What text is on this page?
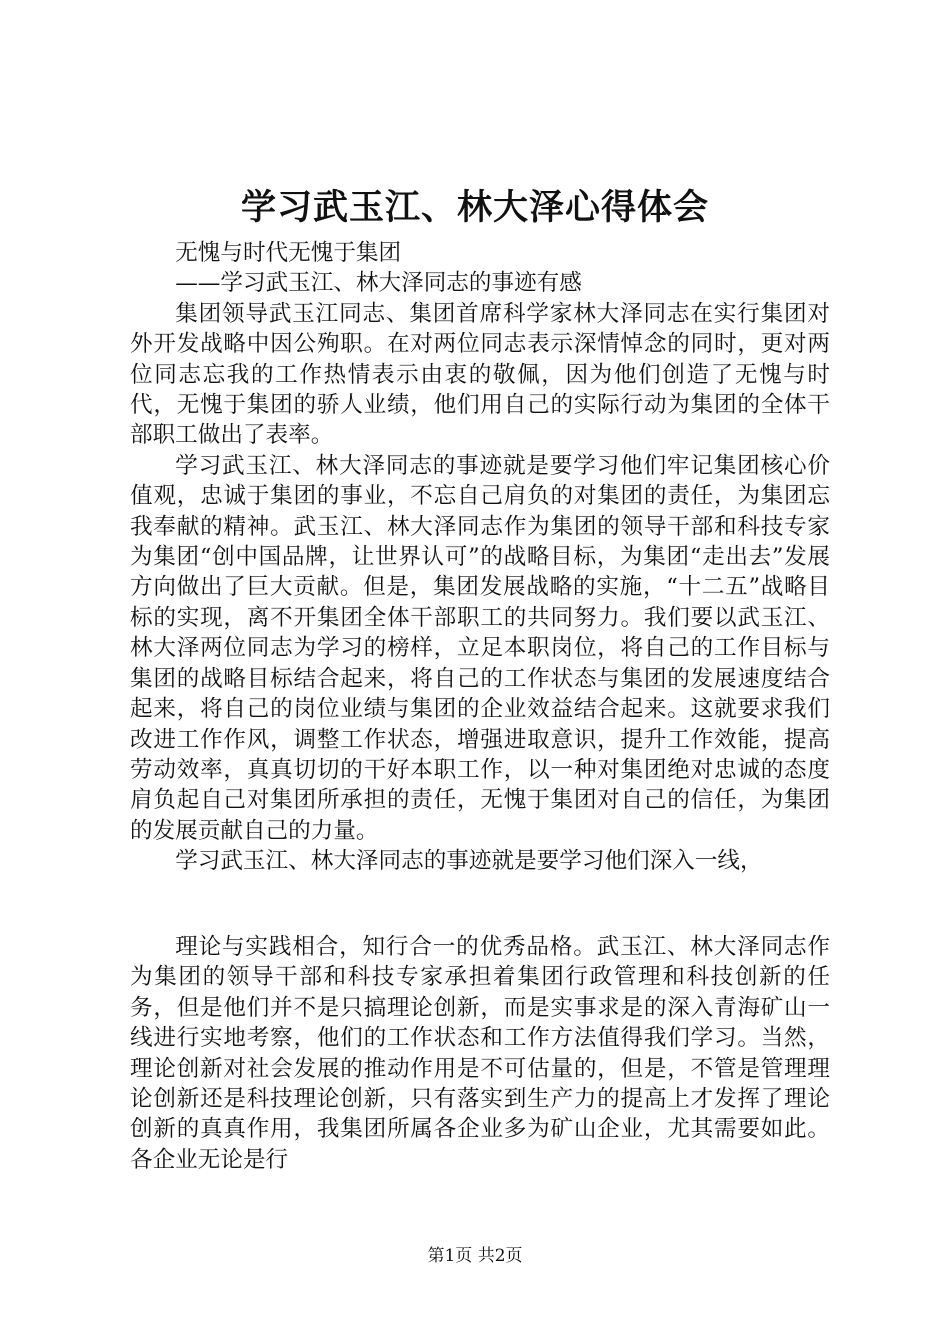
学习武玉江、林大泽心得体会

无愧与时代无愧于集团

——学习武玉江、林大泽同志的事迹有感

集团领导武玉江同志、集团首席科学家林大泽同志在实行集团对外开发战略中因公殉职。在对两位同志表示深情悼念的同时，更对两位同志忘我的工作热情表示由衷的敬佩，因为他们创造了无愧与时代，无愧于集团的骄人业绩，他们用自己的实际行动为集团的全体干部职工做出了表率。

学习武玉江、林大泽同志的事迹就是要学习他们牢记集团核心价值观，忠诚于集团的事业，不忘自己肩负的对集团的责任，为集团忘我奉献的精神。武玉江、林大泽同志作为集团的领导干部和科技专家为集团“创中国品牌，让世界认可”的战略目标，为集团“走出去”发展方向做出了巨大贡献。但是，集团发展战略的实施，“十二五”战略目标的实现，离不开集团全体干部职工的共同努力。我们要以武玉江、林大泽两位同志为学习的榜样，立足本职岗位，将自己的工作目标与集团的战略目标结合起来，将自己的工作状态与集团的发展速度结合起来，将自己的岗位业绩与集团的企业效益结合起来。这就要求我们改进工作作风，调整工作状态，增强进取意识，提升工作效能，提高劳动效率，真真切切的干好本职工作，以一种对集团绝对忠诚的态度肩负起自己对集团所承担的责任，无愧于集团对自己的信任，为集团的发展贡献自己的力量。

学习武玉江、林大泽同志的事迹就是要学习他们深入一线，

理论与实践相合，知行合一的优秀品格。武玉江、林大泽同志作为集团的领导干部和科技专家承担着集团行政管理和科技创新的任务，但是他们并不是只搞理论创新，而是实事求是的深入青海矿山一线进行实地考察，他们的工作状态和工作方法值得我们学习。当然，理论创新对社会发展的推动作用是不可估量的，但是，不管是管理理论创新还是科技理论创新，只有落实到生产力的提高上才发挥了理论创新的真真作用，我集团所属各企业多为矿山企业，尤其需要如此。各企业无论是行

第1页 共2页
